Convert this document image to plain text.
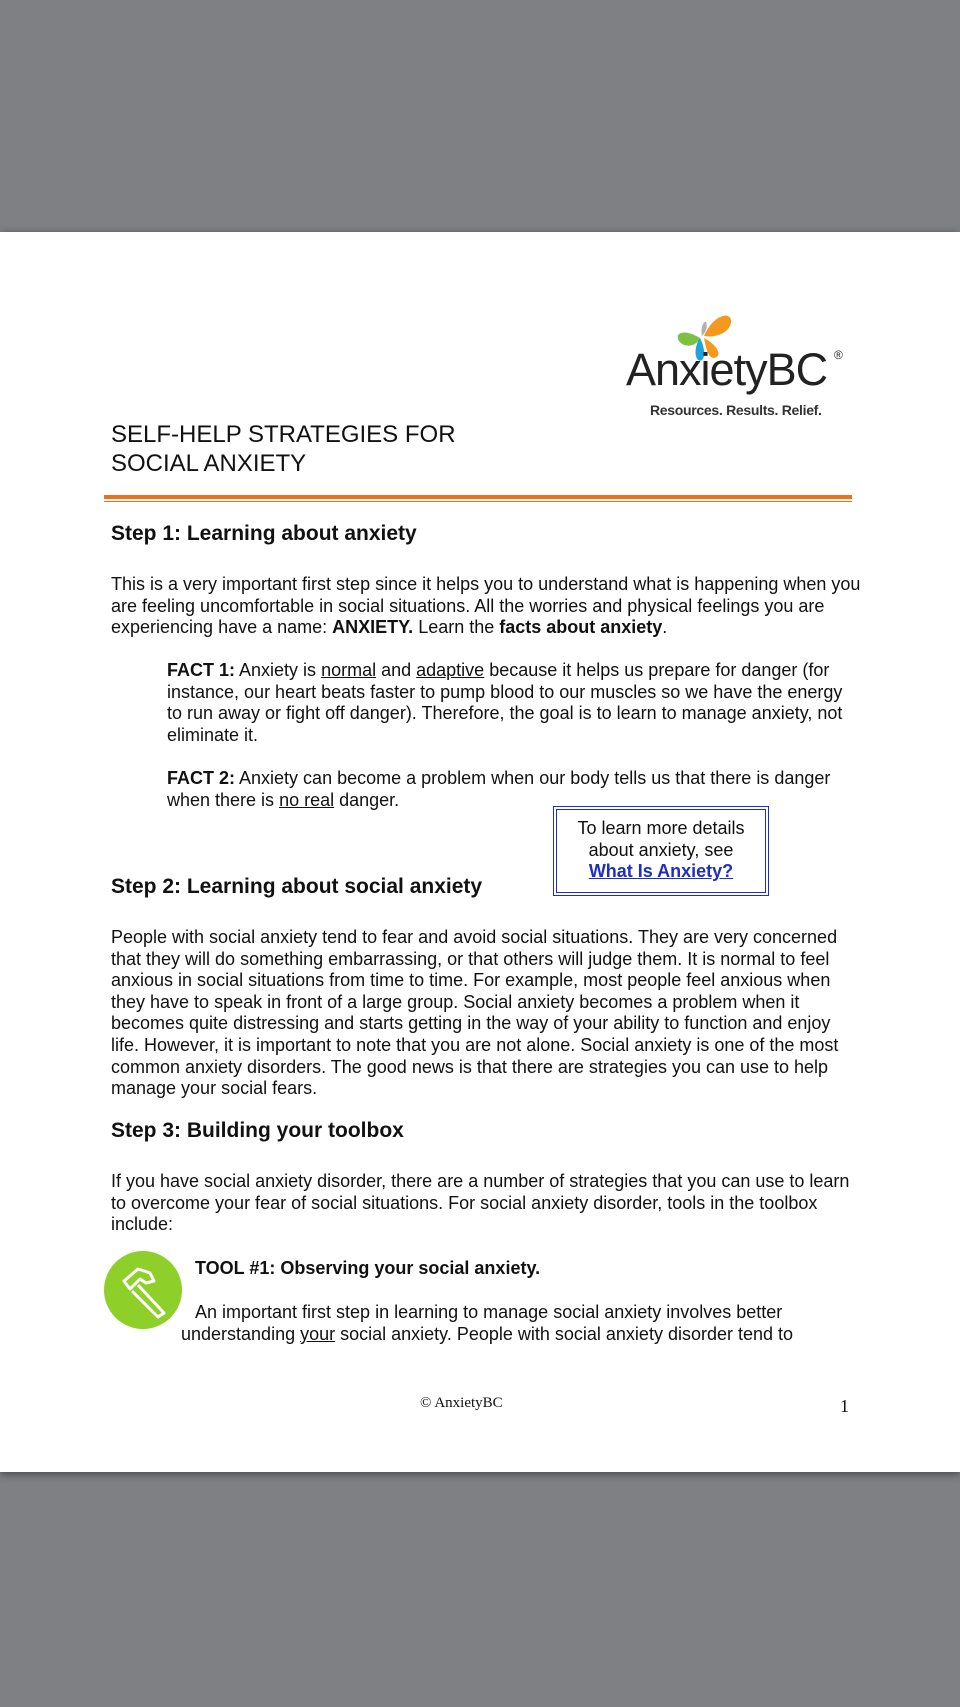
AnxietyBC ®
Resources. Results. Relief.
SELF-HELP STRATEGIES FOR
SOCIAL ANXIETY
Step 1: Learning about anxiety

This is a very important first step since it helps you to understand what is happening when you are feeling uncomfortable in social situations. All the worries and physical feelings you are experiencing have a name: ANXIETY. Learn the facts about anxiety.

FACT 1: Anxiety is normal and adaptive because it helps us prepare for danger (for instance, our heart beats faster to pump blood to our muscles so we have the energy to run away or fight off danger). Therefore, the goal is to learn to manage anxiety, not eliminate it.

FACT 2: Anxiety can become a problem when our body tells us that there is danger when there is no real danger.

To learn more details
about anxiety, see
What Is Anxiety?
Step 2: Learning about social anxiety

People with social anxiety tend to fear and avoid social situations. They are very concerned that they will do something embarrassing, or that others will judge them. It is normal to feel anxious in social situations from time to time. For example, most people feel anxious when they have to speak in front of a large group. Social anxiety becomes a problem when it becomes quite distressing and starts getting in the way of your ability to function and enjoy life. However, it is important to note that you are not alone. Social anxiety is one of the most common anxiety disorders. The good news is that there are strategies you can use to help manage your social fears.

Step 3: Building your toolbox

If you have social anxiety disorder, there are a number of strategies that you can use to learn to overcome your fear of social situations. For social anxiety disorder, tools in the toolbox include:

TOOL #1: Observing your social anxiety.

An important first step in learning to manage social anxiety involves better understanding your social anxiety. People with social anxiety disorder tend to

© AnxietyBC	1
